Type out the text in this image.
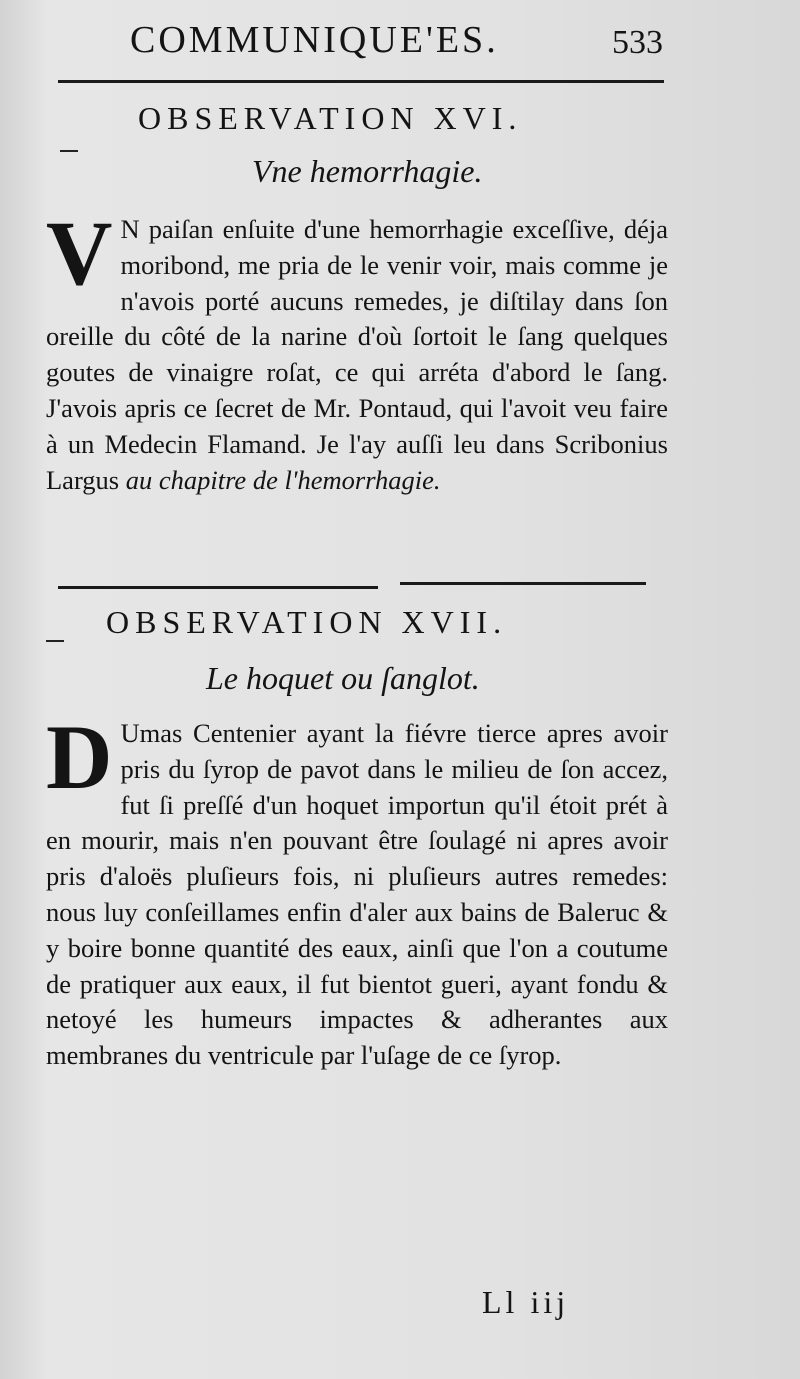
COMMUNIQUE'ES.	533
OBSERVATION XVI.
Vne hemorrhagie.
V N paiſan enſuite d'une hemorrhagie exceſſive, déja moribond, me pria de le venir voir, mais comme je n'avois porté aucuns remedes, je diſtilay dans ſon oreille du côté de la narine d'où ſortoit le ſang quelques goutes de vinaigre roſat, ce qui arréta d'abord le ſang. J'avois apris ce ſecret de Mr. Pontaud, qui l'avoit veu faire à un Medecin Flamand. Je l'ay auſſi leu dans Scribonius Largus au chapitre de l'hemorrhagie.
OBSERVATION XVII.
Le hoquet ou ſanglot.
D Umas Centenier ayant la fiévre tierce apres avoir pris du ſyrop de pavot dans le milieu de ſon accez, fut ſi preſſé d'un hoquet importun qu'il étoit prét à en mourir, mais n'en pouvant être ſoulagé ni apres avoir pris d'aloës pluſieurs fois, ni pluſieurs autres remedes: nous luy conſeillames enfin d'aler aux bains de Baleruc & y boire bonne quantité des eaux, ainſi que l'on a coutume de pratiquer aux eaux, il fut bientot gueri, ayant fondu & netoyé les humeurs impactes & adherantes aux membranes du ventricule par l'uſage de ce ſyrop.
Ll iij
